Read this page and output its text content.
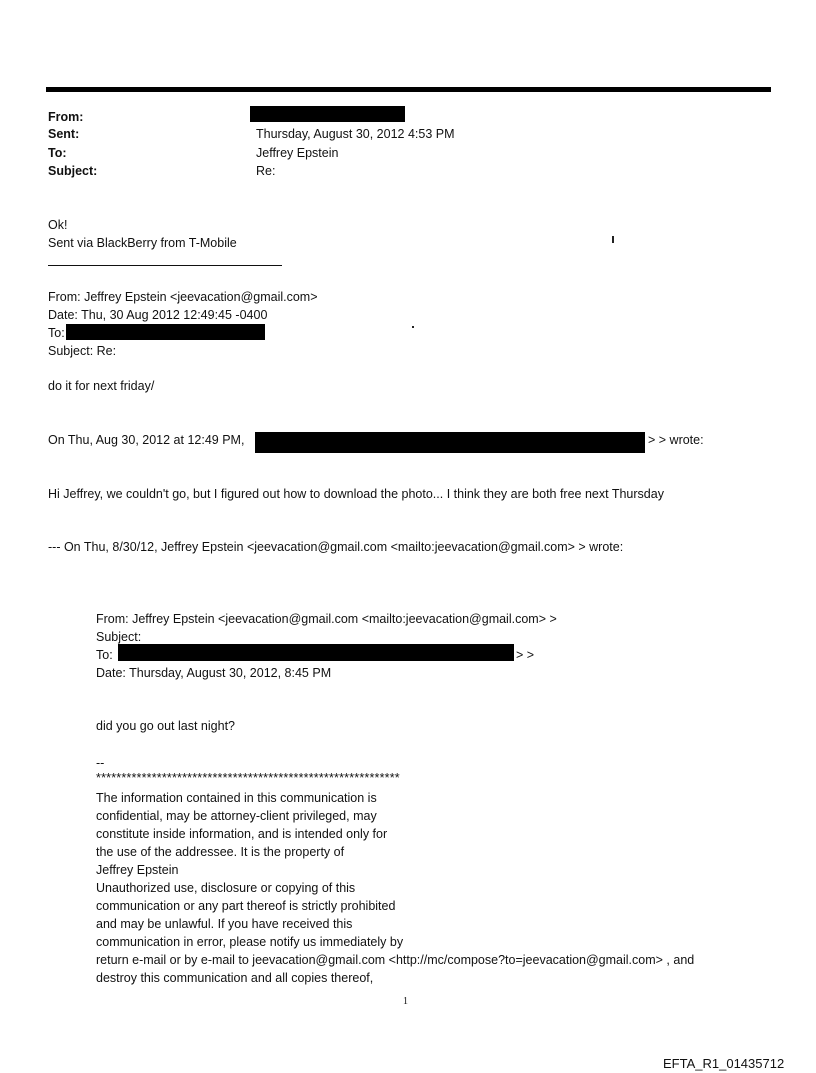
From:
Sent:	Thursday, August 30, 2012 4:53 PM
To:	Jeffrey Epstein
Subject:	Re:
Ok!
Sent via BlackBerry from T-Mobile
From: Jeffrey Epstein <jeevacation@gmail.com>
Date: Thu, 30 Aug 2012 12:49:45 -0400
To:
Subject: Re:
do it for next friday/
On Thu, Aug 30, 2012 at 12:49 PM,	> > wrote:
Hi Jeffrey, we couldn't go, but I figured out how to download the photo... I think they are both free next Thursday
--- On Thu, 8/30/12, Jeffrey Epstein <jeevacation@gmail.com <mailto:jeevacation@gmail.com> > wrote:
From: Jeffrey Epstein <jeevacation@gmail.com <mailto:jeevacation@gmail.com> >
Subject:
To:	> >
Date: Thursday, August 30, 2012, 8:45 PM
did you go out last night?
--
************************************************************
The information contained in this communication is
confidential, may be attorney-client privileged, may
constitute inside information, and is intended only for
the use of the addressee. It is the property of
Jeffrey Epstein
Unauthorized use, disclosure or copying of this
communication or any part thereof is strictly prohibited
and may be unlawful. If you have received this
communication in error, please notify us immediately by
return e-mail or by e-mail to jeevacation@gmail.com <http://mc/compose?to=jeevacation@gmail.com> , and
destroy this communication and all copies thereof,
1
EFTA_R1_01435712
